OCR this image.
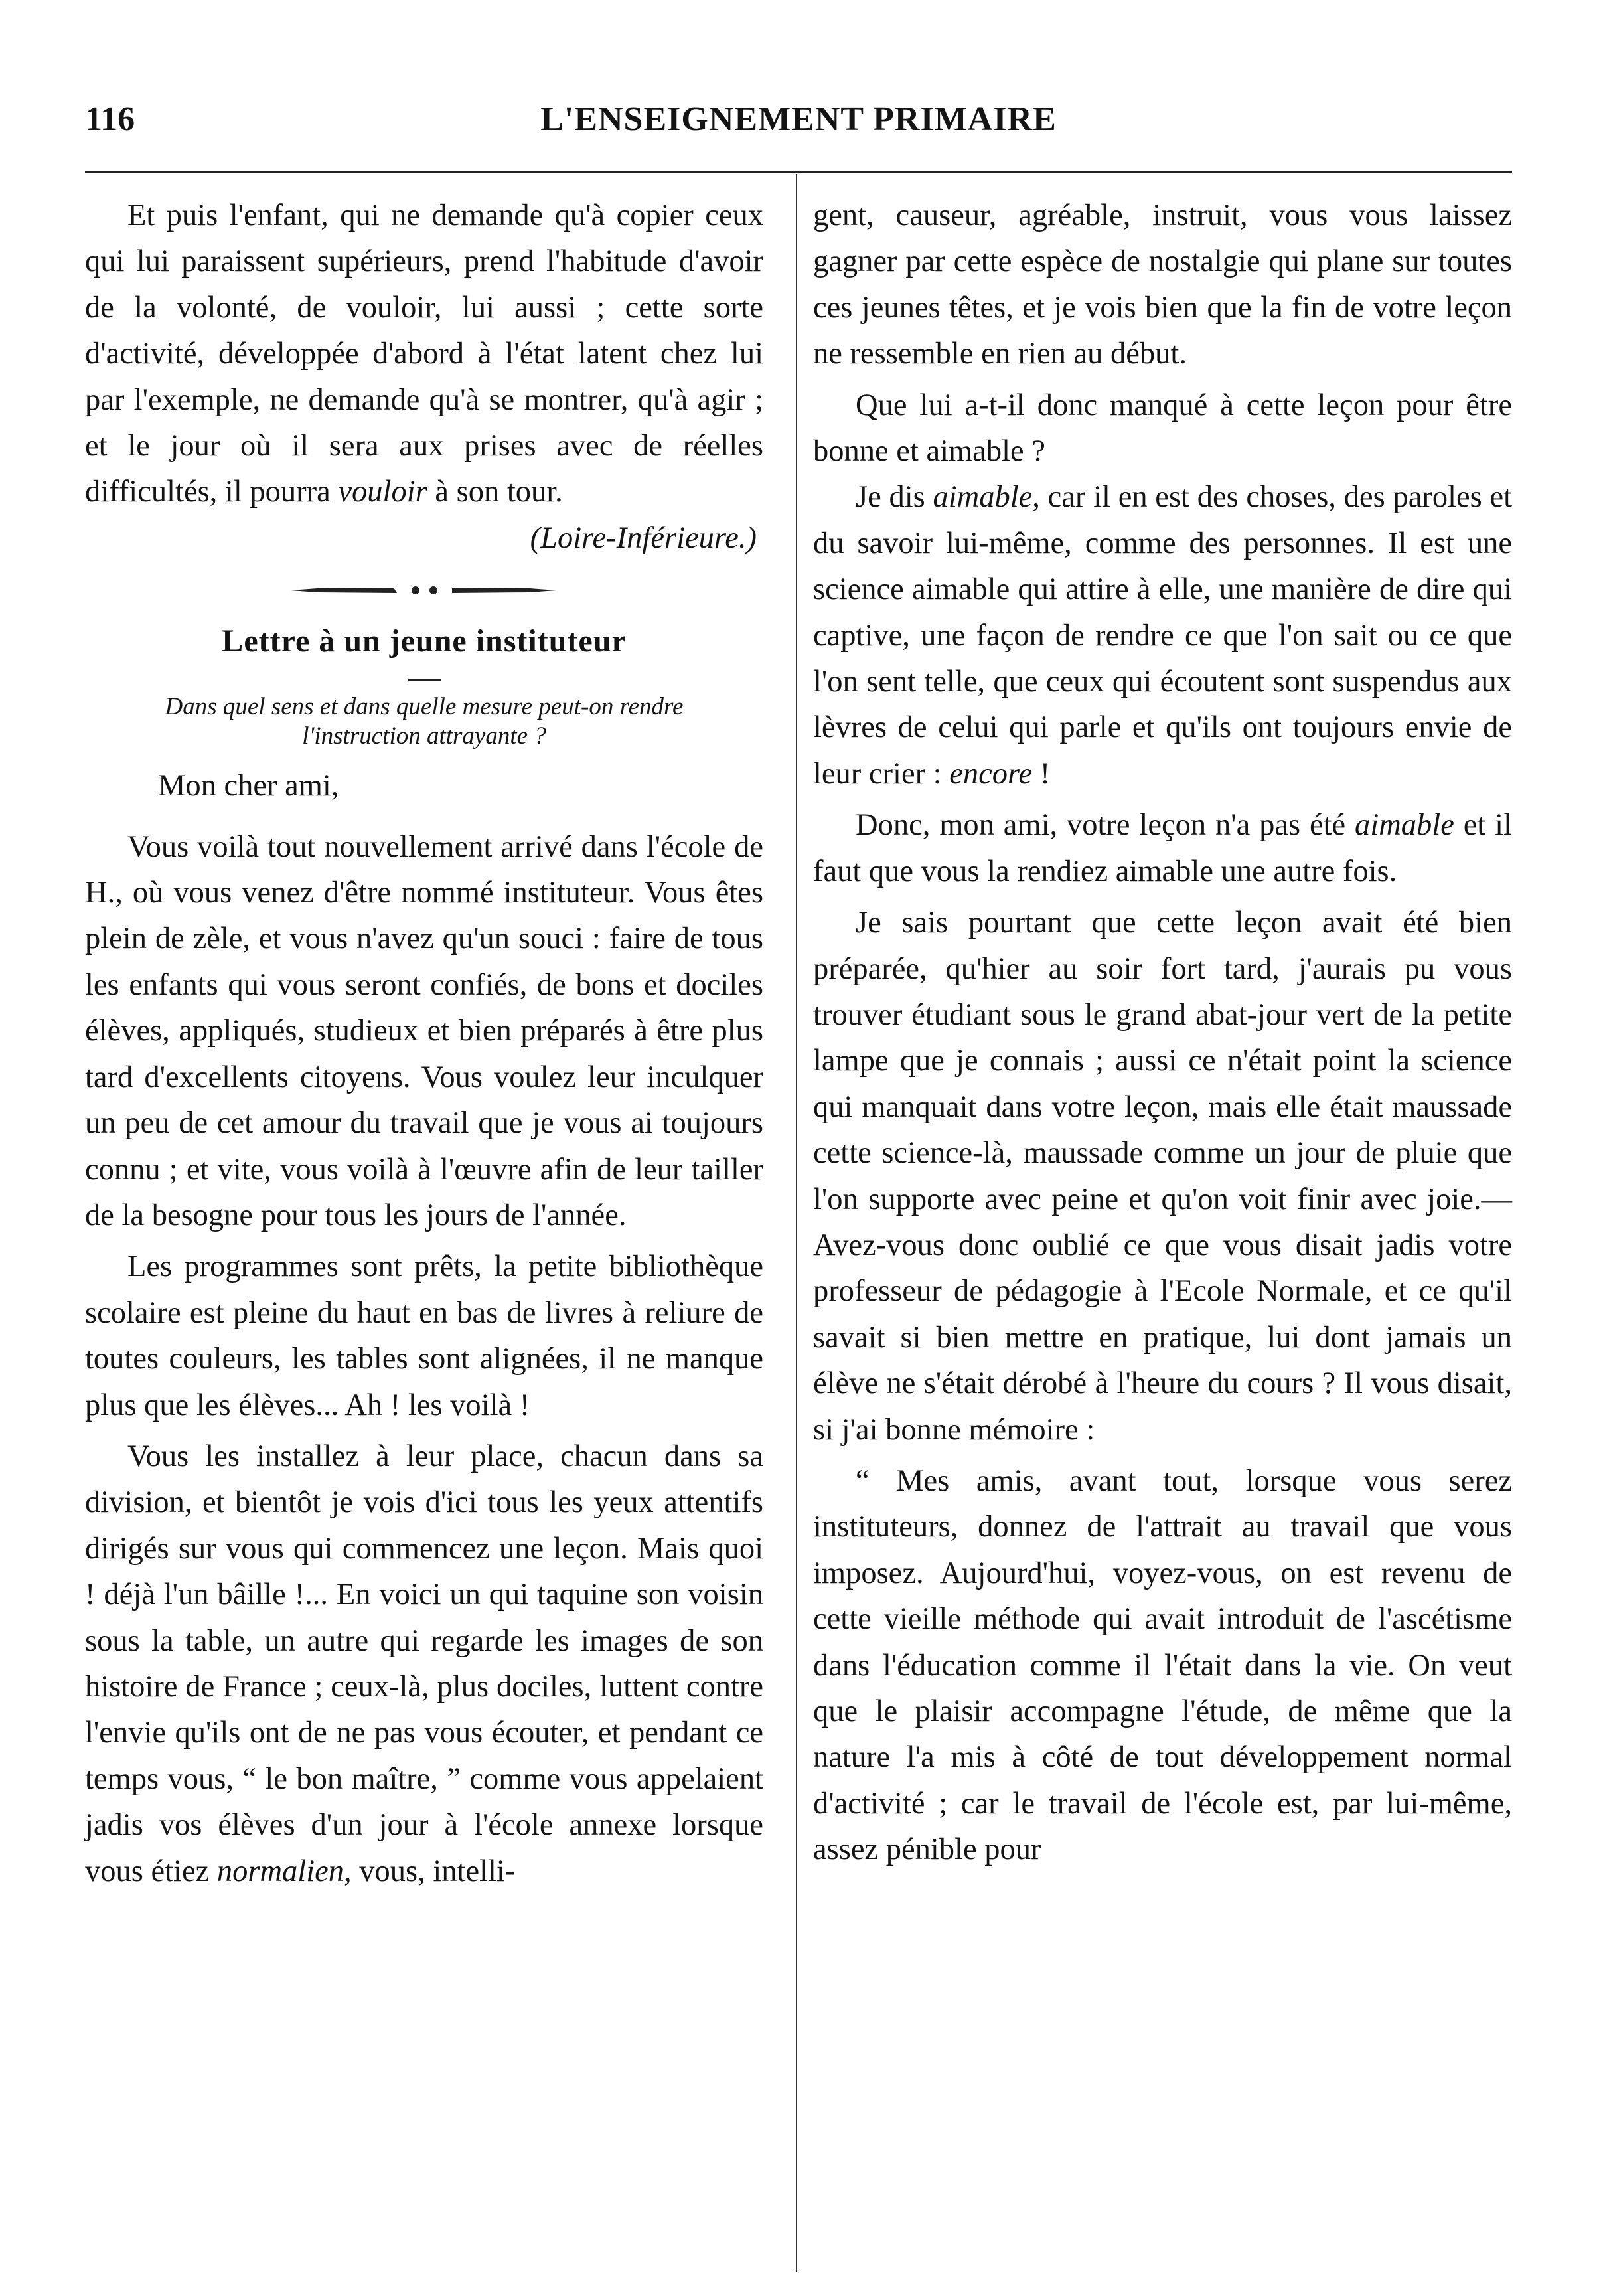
116	L'ENSEIGNEMENT PRIMAIRE

Et puis l'enfant, qui ne demande qu'à copier ceux qui lui paraissent supérieurs, prend l'habitude d'avoir de la volonté, de vouloir, lui aussi ; cette sorte d'activité, développée d'abord à l'état latent chez lui par l'exemple, ne demande qu'à se montrer, qu'à agir ; et le jour où il sera aux prises avec de réelles difficultés, il pourra vouloir à son tour.

(Loire-Inférieure.)

Lettre à un jeune instituteur
Dans quel sens et dans quelle mesure peut-on rendre l'instruction attrayante ?

Mon cher ami,

Vous voilà tout nouvellement arrivé dans l'école de H., où vous venez d'être nommé instituteur. Vous êtes plein de zèle, et vous n'avez qu'un souci : faire de tous les enfants qui vous seront confiés, de bons et dociles élèves, appliqués, studieux et bien préparés à être plus tard d'excellents citoyens. Vous voulez leur inculquer un peu de cet amour du travail que je vous ai toujours connu ; et vite, vous voilà à l'œuvre afin de leur tailler de la besogne pour tous les jours de l'année.

Les programmes sont prêts, la petite bibliothèque scolaire est pleine du haut en bas de livres à reliure de toutes couleurs, les tables sont alignées, il ne manque plus que les élèves... Ah ! les voilà !

Vous les installez à leur place, chacun dans sa division, et bientôt je vois d'ici tous les yeux attentifs dirigés sur vous qui commencez une leçon. Mais quoi ! déjà l'un bâille !... En voici un qui taquine son voisin sous la table, un autre qui regarde les images de son histoire de France ; ceux-là, plus dociles, luttent contre l'envie qu'ils ont de ne pas vous écouter, et pendant ce temps vous, “ le bon maître, ” comme vous appelaient jadis vos élèves d'un jour à l'école annexe lorsque vous étiez normalien, vous, intelli-

gent, causeur, agréable, instruit, vous vous laissez gagner par cette espèce de nostalgie qui plane sur toutes ces jeunes têtes, et je vois bien que la fin de votre leçon ne ressemble en rien au début.

Que lui a-t-il donc manqué à cette leçon pour être bonne et aimable ?

Je dis aimable, car il en est des choses, des paroles et du savoir lui-même, comme des personnes. Il est une science aimable qui attire à elle, une manière de dire qui captive, une façon de rendre ce que l'on sait ou ce que l'on sent telle, que ceux qui écoutent sont suspendus aux lèvres de celui qui parle et qu'ils ont toujours envie de leur crier : encore !

Donc, mon ami, votre leçon n'a pas été aimable et il faut que vous la rendiez aimable une autre fois.

Je sais pourtant que cette leçon avait été bien préparée, qu'hier au soir fort tard, j'aurais pu vous trouver étudiant sous le grand abat-jour vert de la petite lampe que je connais ; aussi ce n'était point la science qui manquait dans votre leçon, mais elle était maussade cette science-là, maussade comme un jour de pluie que l'on supporte avec peine et qu'on voit finir avec joie.—Avez-vous donc oublié ce que vous disait jadis votre professeur de pédagogie à l'Ecole Normale, et ce qu'il savait si bien mettre en pratique, lui dont jamais un élève ne s'était dérobé à l'heure du cours ? Il vous disait, si j'ai bonne mémoire :

“ Mes amis, avant tout, lorsque vous serez instituteurs, donnez de l'attrait au travail que vous imposez. Aujourd'hui, voyez-vous, on est revenu de cette vieille méthode qui avait introduit de l'ascétisme dans l'éducation comme il l'était dans la vie. On veut que le plaisir accompagne l'étude, de même que la nature l'a mis à côté de tout développement normal d'activité ; car le travail de l'école est, par lui-même, assez pénible pour
